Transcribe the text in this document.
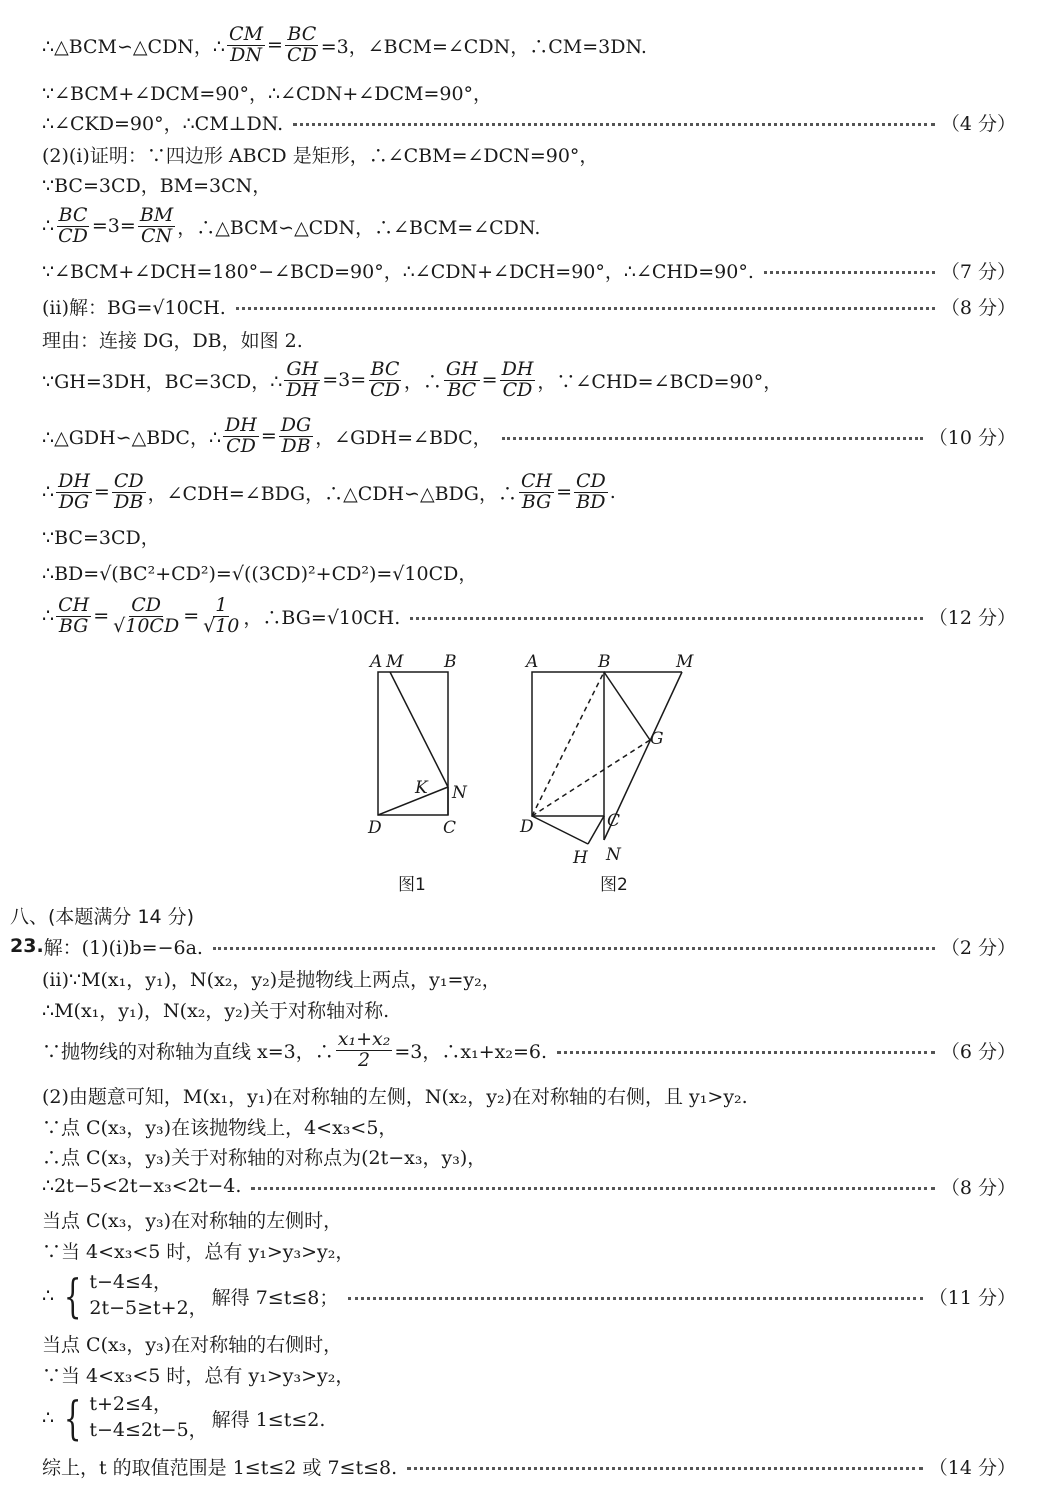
∴△BCM∽△CDN，∴ $\frac{CM}{DN} = \frac{BC}{CD} =3$，∠BCM=∠CDN，∴CM=3DN.
∵∠BCM+∠DCM=90°，∴∠CDN+∠DCM=90°，
∴∠CKD=90°，∴CM⊥DN.	（4 分）
(2)(ⅰ)证明：∵四边形 ABCD 是矩形，∴∠CBM=∠DCN=90°，
∵BC=3CD，BM=3CN，
∴ $\frac{BC}{CD} =3= \frac{BM}{CN}$ ，∴△BCM∽△CDN，∴∠BCM=∠CDN.
∵∠BCM+∠DCH=180°−∠BCD=90°，∴∠CDN+∠DCH=90°，∴∠CHD=90°.	（7 分）
(ⅱ)解：BG=√10CH.	（8 分）
理由：连接 DG，DB，如图 2.
∵GH=3DH，BC=3CD，∴ $\frac{GH}{DH} =3= \frac{BC}{CD}$ ，∴ $\frac{GH}{BC} = \frac{DH}{CD}$ ，∵∠CHD=∠BCD=90°，
∴△GDH∽△BDC，∴ $\frac{DH}{CD} = \frac{DG}{DB}$ ，∠GDH=∠BDC，	（10 分）
∴ $\frac{DH}{DG} = \frac{CD}{DB}$ ，∠CDH=∠BDG，∴△CDH∽△BDG，∴ $\frac{CH}{BG} = \frac{CD}{BD}$ .
∵BC=3CD，
∴BD=√(BC²+CD²)=√((3CD)²+CD²)=√10CD，
∴ $\frac{CH}{BG} = \frac{CD}{√10CD} = \frac{1}{√10}$ ，∴BG=√10CH.	（12 分）
A M B
K N
D	C
图1
A	B	M
G
D	C
H N
图2
八、(本题满分 14 分)
23. 解：(1)(i)b=−6a.	（2 分）
(ii)∵M(x₁，y₁)，N(x₂，y₂)是抛物线上两点，y₁=y₂，
∴M(x₁，y₁)，N(x₂，y₂)关于对称轴对称.
∵抛物线的对称轴为直线 x=3，∴ $\frac{\text{x₁+x₂}}{2} =3$，∴x₁+x₂=6.	（6 分）
(2)由题意可知，M(x₁，y₁)在对称轴的左侧，N(x₂，y₂)在对称轴的右侧，且 y₁>y₂.
∵点 C(x₃，y₃)在该抛物线上，4<x₃<5，
∴点 C(x₃，y₃)关于对称轴的对称点为(2t−x₃，y₃)，
∴2t−5<2t−x₃<2t−4.	（8 分）
当点 C(x₃，y₃)在对称轴的左侧时，
∵当 4<x₃<5 时，总有 y₁>y₃>y₂，
∴ { t−4≤4，
2t−5≥t+2， 解得 7≤t≤8；	（11 分）
当点 C(x₃，y₃)在对称轴的右侧时，
∵当 4<x₃<5 时，总有 y₁>y₃>y₂，
∴ { t+2≤4，
t−4≤2t−5， 解得 1≤t≤2.
综上，t 的取值范围是 1≤t≤2 或 7≤t≤8.	（14 分）
